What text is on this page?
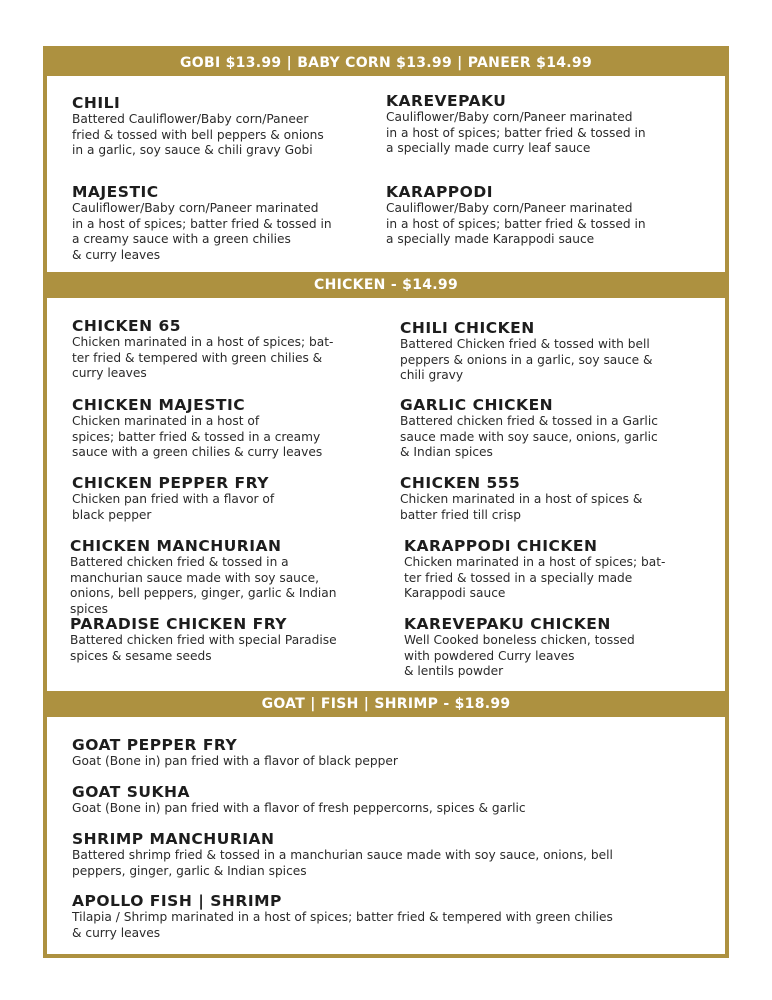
GOBI $13.99 | BABY CORN $13.99 | PANEER $14.99
CHILI
Battered Cauliflower/Baby corn/Paneer
fried & tossed with bell peppers & onions
in a garlic, soy sauce & chili gravy Gobi
KAREVEPAKU
Cauliflower/Baby corn/Paneer marinated
in a host of spices; batter fried & tossed in
a specially made curry leaf sauce
MAJESTIC
Cauliflower/Baby corn/Paneer marinated
in a host of spices; batter fried & tossed in
a creamy sauce with a green chilies
& curry leaves
KARAPPODI
Cauliflower/Baby corn/Paneer marinated
in a host of spices; batter fried & tossed in
a specially made Karappodi sauce
CHICKEN - $14.99
CHICKEN 65
Chicken marinated in a host of spices; bat-
ter fried & tempered with green chilies &
curry leaves
CHILI CHICKEN
Battered Chicken fried & tossed with bell
peppers & onions in a garlic, soy sauce &
chili gravy
CHICKEN MAJESTIC
Chicken marinated in a host of
spices; batter fried & tossed in a creamy
sauce with a green chilies & curry leaves
GARLIC CHICKEN
Battered chicken fried & tossed in a Garlic
sauce made with soy sauce, onions, garlic
& Indian spices
CHICKEN PEPPER FRY
Chicken pan fried with a flavor of
black pepper
CHICKEN 555
Chicken marinated in a host of spices &
batter fried till crisp
CHICKEN MANCHURIAN
Battered chicken fried & tossed in a
manchurian sauce made with soy sauce,
onions, bell peppers, ginger, garlic & Indian
spices
KARAPPODI CHICKEN
Chicken marinated in a host of spices; bat-
ter fried & tossed in a specially made
Karappodi sauce
PARADISE CHICKEN FRY
Battered chicken fried with special Paradise
spices & sesame seeds
KAREVEPAKU CHICKEN
Well Cooked boneless chicken, tossed
with powdered Curry leaves
& lentils powder
GOAT | FISH | SHRIMP - $18.99
GOAT PEPPER FRY
Goat (Bone in) pan fried with a flavor of black pepper
GOAT SUKHA
Goat (Bone in) pan fried with a flavor of fresh peppercorns, spices & garlic
SHRIMP MANCHURIAN
Battered shrimp fried & tossed in a manchurian sauce made with soy sauce, onions, bell
peppers, ginger, garlic & Indian spices
APOLLO FISH | SHRIMP
Tilapia / Shrimp marinated in a host of spices; batter fried & tempered with green chilies
& curry leaves
